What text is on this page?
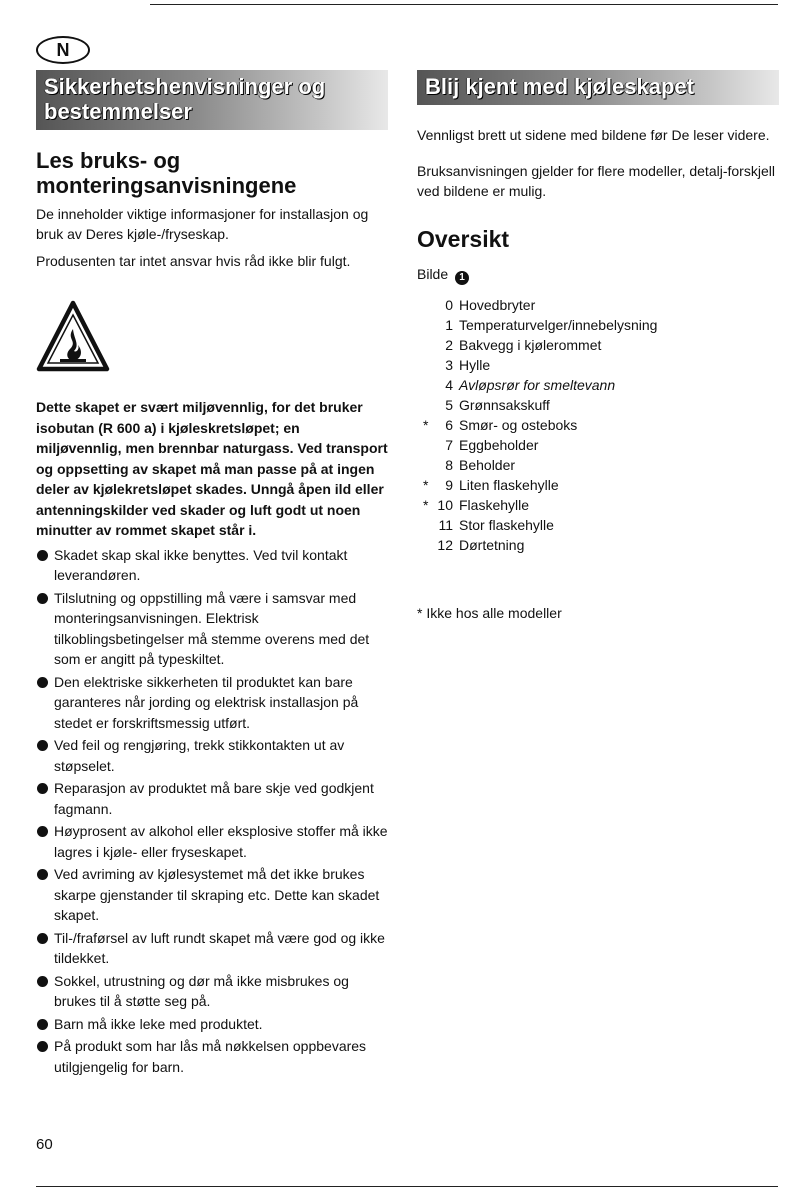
N
Sikkerhetshenvisninger og bestemmelser
Les bruks- og monteringsanvisningene

De inneholder viktige informasjoner for installasjon og bruk av Deres kjøle-/fryseskap.

Produsenten tar intet ansvar hvis råd ikke blir fulgt.

Dette skapet er svært miljøvennlig, for det bruker isobutan (R 600 a) i kjøleskretsløpet; en miljøvennlig, men brennbar naturgass. Ved transport og oppsetting av skapet må man passe på at ingen deler av kjølekretsløpet skades. Unngå åpen ild eller antenningskilder ved skader og luft godt ut noen minutter av rommet skapet står i.

Skadet skap skal ikke benyttes. Ved tvil kontakt leverandøren.
Tilslutning og oppstilling må være i samsvar med monteringsanvisningen. Elektrisk tilkoblingsbetingelser må stemme overens med det som er angitt på typeskiltet.
Den elektriske sikkerheten til produktet kan bare garanteres når jording og elektrisk installasjon på stedet er forskriftsmessig utført.
Ved feil og rengjøring, trekk stikkontakten ut av støpselet.
Reparasjon av produktet må bare skje ved godkjent fagmann.
Høyprosent av alkohol eller eksplosive stoffer må ikke lagres i kjøle- eller fryseskapet.
Ved avriming av kjølesystemet må det ikke brukes skarpe gjenstander til skraping etc. Dette kan skadet skapet.
Til-/fraførsel av luft rundt skapet må være god og ikke tildekket.
Sokkel, utrustning og dør må ikke misbrukes og brukes til å støtte seg på.
Barn må ikke leke med produktet.
På produkt som har lås må nøkkelsen oppbevares utilgjengelig for barn.
Blij kjent med kjøleskapet

Vennligst brett ut sidene med bildene før De leser videre.

Bruksanvisningen gjelder for flere modeller, detalj-forskjell ved bildene er mulig.

Oversikt
Bilde 1
0 Hovedbryter
1 Temperaturvelger/innebelysning
2 Bakvegg i kjølerommet
3 Hylle
4 Avløpsrør for smeltevann
5 Grønnsakskuff
*	6 Smør- og osteboks
7 Eggbeholder
8 Beholder
*	9 Liten flaskehylle
* 10 Flaskehylle
11 Stor flaskehylle
12 Dørtetning
* Ikke hos alle modeller
60
